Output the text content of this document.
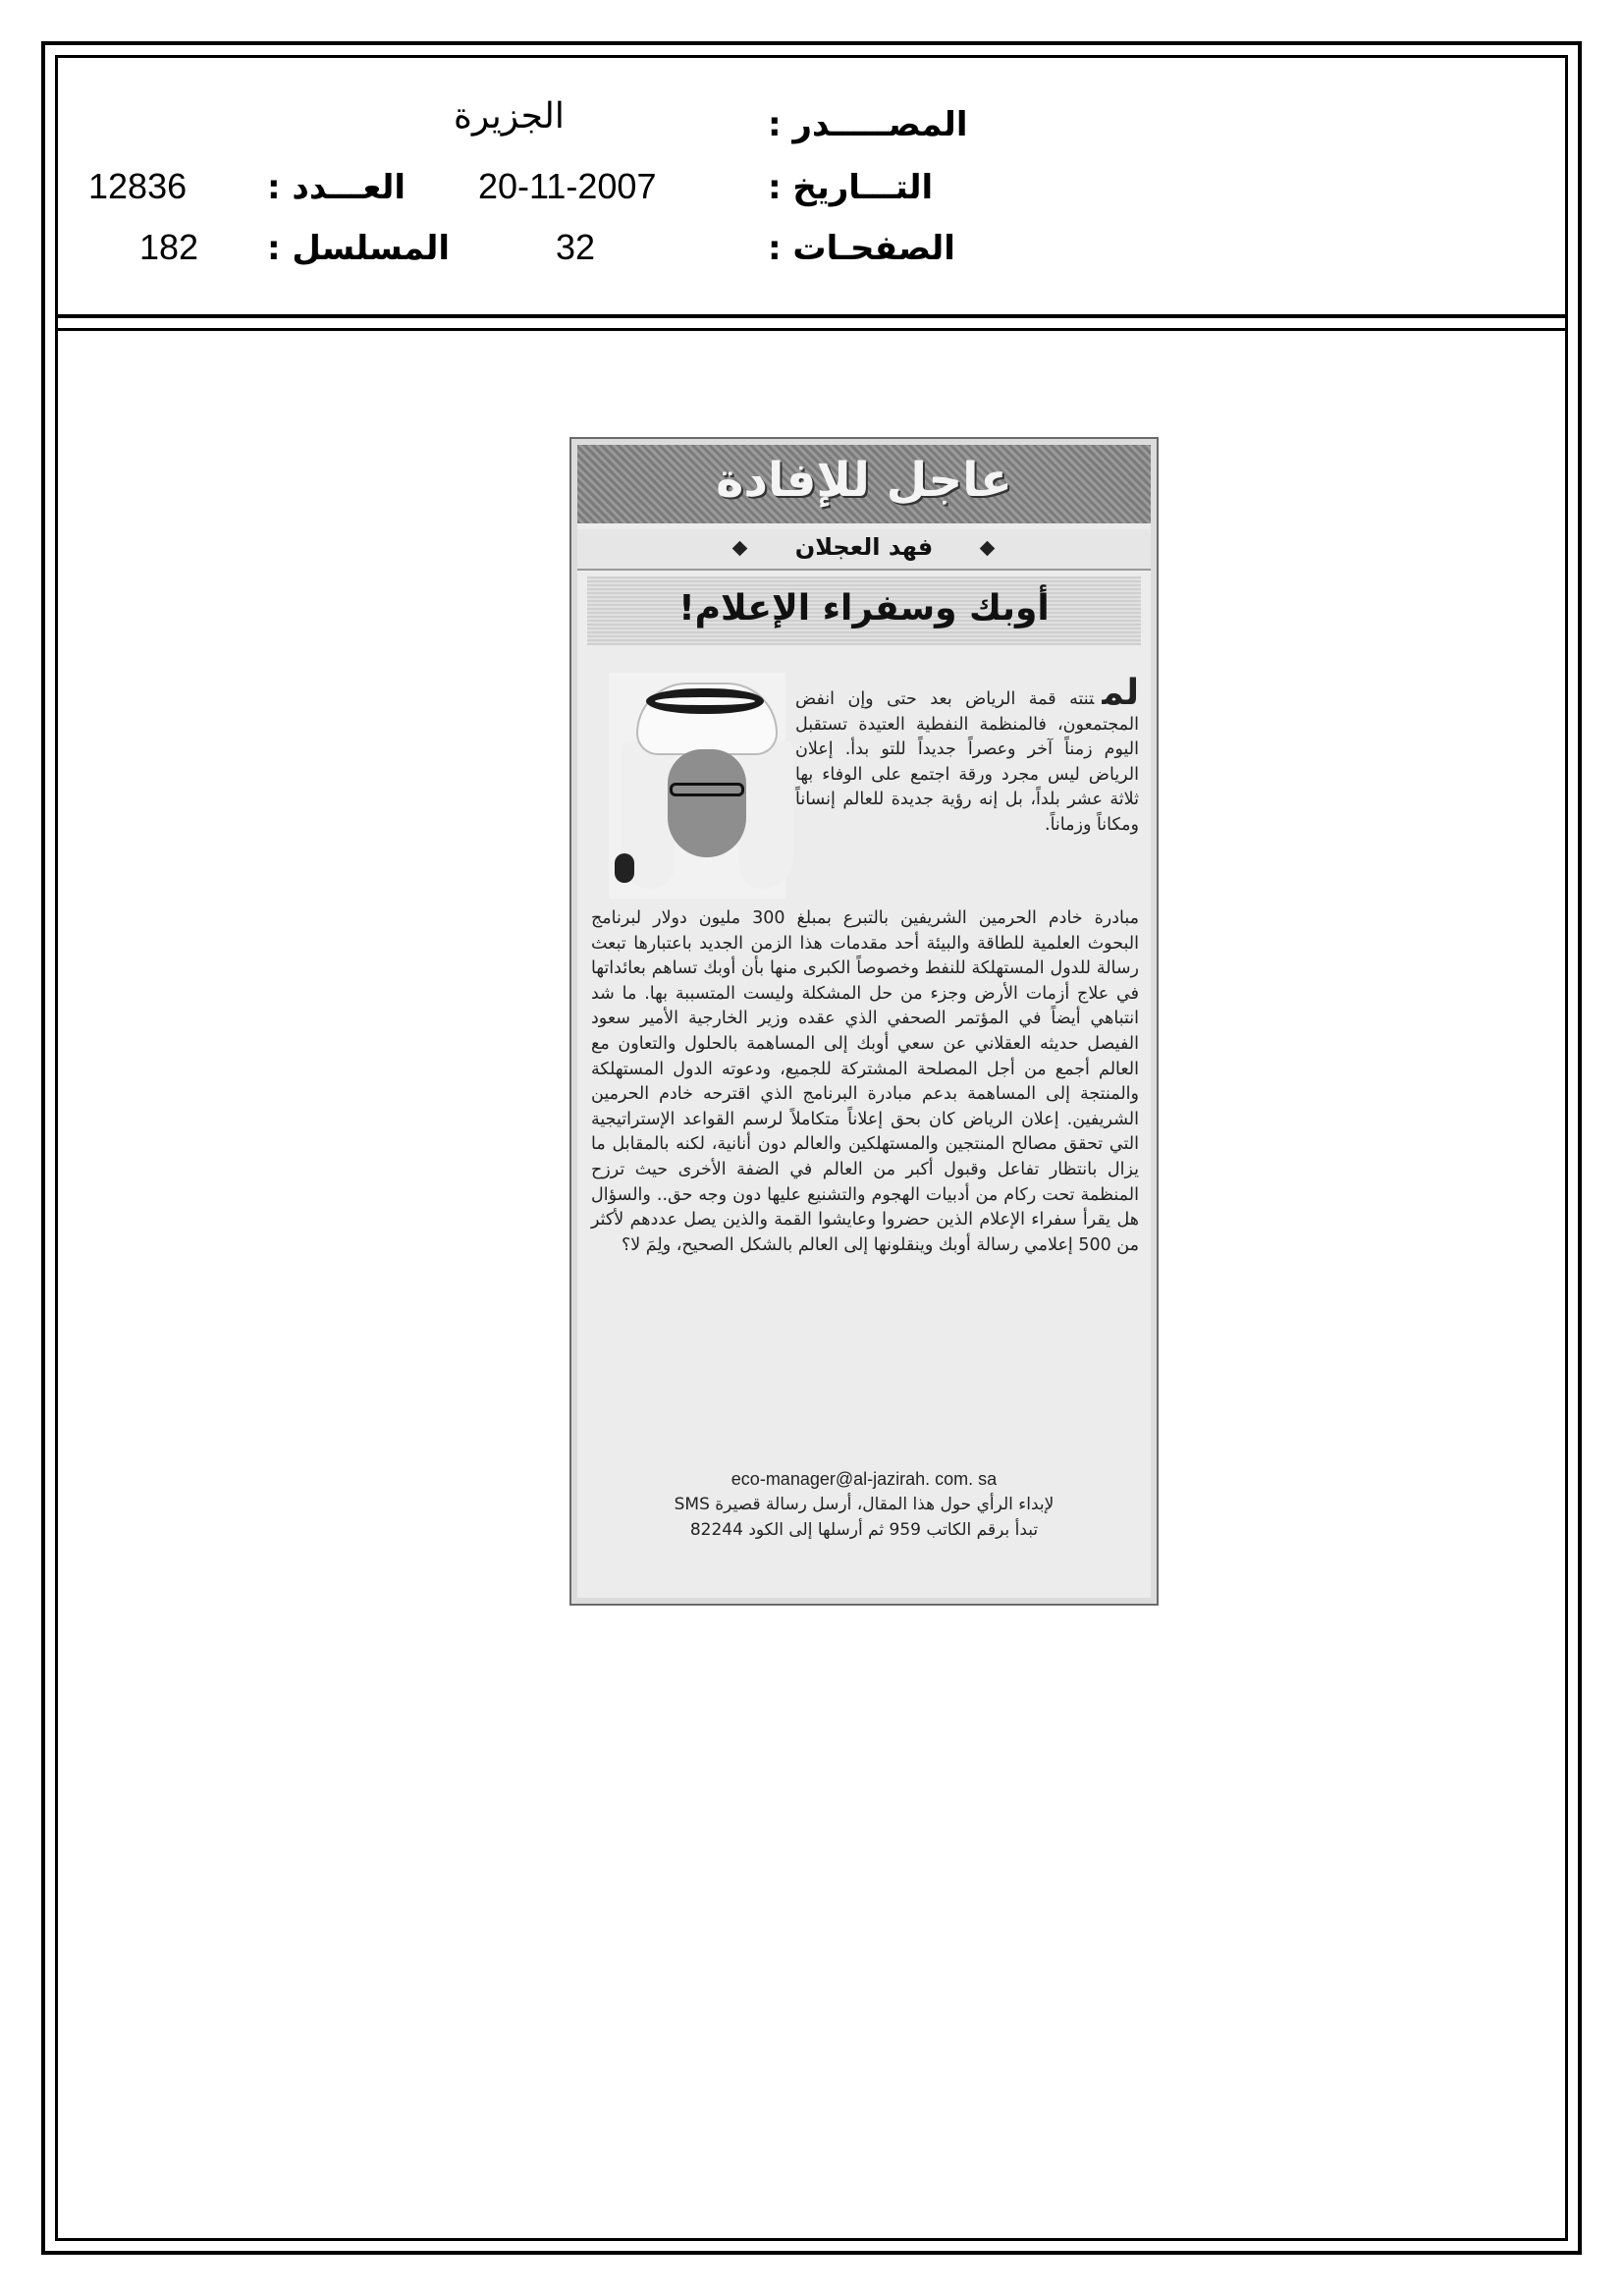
الجزيرة	المصـــــدر :
12836 العـــدد : 20-11-2007	التـــاريخ :
182 المسلسل :	32	الصفحـات :
عاجل للإفادة
فهد العجلان
أوبك وسفراء الإعلام!

لمتنته قمة الرياض بعد حتى وإن انفض المجتمعون، فالمنظمة النفطية العتيدة تستقبل اليوم زمناً آخر وعصراً جديداً للتو بدأ. إعلان الرياض ليس مجرد ورقة اجتمع على الوفاء بها ثلاثة عشر بلداً، بل إنه رؤية جديدة للعالم إنساناً ومكاناً وزماناً.

مبادرة خادم الحرمين الشريفين بالتبرع بمبلغ 300 مليون دولار لبرنامج البحوث العلمية للطاقة والبيئة أحد مقدمات هذا الزمن الجديد باعتبارها تبعث رسالة للدول المستهلكة للنفط وخصوصاً الكبرى منها بأن أوبك تساهم بعائداتها في علاج أزمات الأرض وجزء من حل المشكلة وليست المتسببة بها. ما شد انتباهي أيضاً في المؤتمر الصحفي الذي عقده وزير الخارجية الأمير سعود الفيصل حديثه العقلاني عن سعي أوبك إلى المساهمة بالحلول والتعاون مع العالم أجمع من أجل المصلحة المشتركة للجميع، ودعوته الدول المستهلكة والمنتجة إلى المساهمة بدعم مبادرة البرنامج الذي اقترحه خادم الحرمين الشريفين. إعلان الرياض كان بحق إعلاناً متكاملاً لرسم القواعد الإستراتيجية التي تحقق مصالح المنتجين والمستهلكين والعالم دون أنانية، لكنه بالمقابل ما يزال بانتظار تفاعل وقبول أكبر من العالم في الضفة الأخرى حيث ترزح المنظمة تحت ركام من أدبيات الهجوم والتشنيع عليها دون وجه حق.. والسؤال هل يقرأ سفراء الإعلام الذين حضروا وعايشوا القمة والذين يصل عددهم لأكثر من 500 إعلامي رسالة أوبك وينقلونها إلى العالم بالشكل الصحيح، ولِمَ لا؟

eco-manager@al-jazirah. com. sa
لإبداء الرأي حول هذا المقال، أرسل رسالة قصيرة SMS
تبدأ برقم الكاتب 959 ثم أرسلها إلى الكود 82244
